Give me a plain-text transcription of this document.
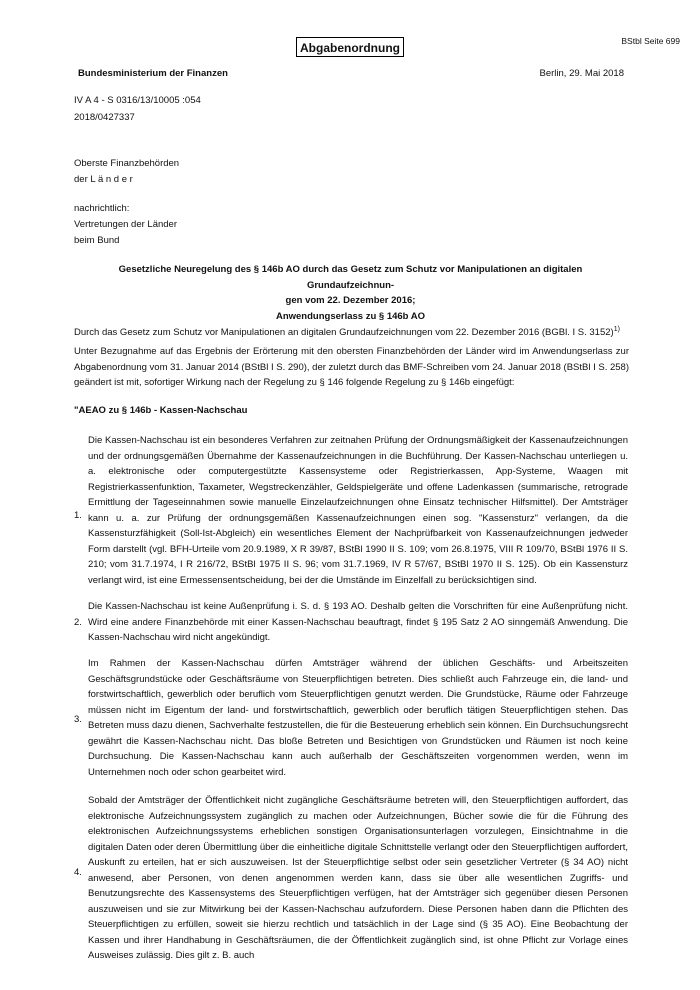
Abgabenordnung	BStbl Seite 699
Bundesministerium der Finanzen	Berlin, 29. Mai 2018
IV A 4 - S 0316/13/10005 :054
2018/0427337
Oberste Finanzbehörden
der L ä n d e r
nachrichtlich:
Vertretungen der Länder
beim Bund
Gesetzliche Neuregelung des § 146b AO durch das Gesetz zum Schutz vor Manipulationen an digitalen Grundaufzeichnun-
gen vom 22. Dezember 2016;
Anwendungserlass zu § 146b AO
Durch das Gesetz zum Schutz vor Manipulationen an digitalen Grundaufzeichnungen vom 22. Dezember 2016 (BGBl. I S. 3152)$^{1)}$
Unter Bezugnahme auf das Ergebnis der Erörterung mit den obersten Finanzbehörden der Länder wird im Anwendungserlass zur Abgabenordnung vom 31. Januar 2014 (BStBl I S. 290), der zuletzt durch das BMF-Schreiben vom 24. Januar 2018 (BStBl I S. 258) geändert ist mit, sofortiger Wirkung nach der Regelung zu § 146 folgende Regelung zu § 146b eingefügt:
"AEAO zu § 146b - Kassen-Nachschau
1.
Die Kassen-Nachschau ist ein besonderes Verfahren zur zeitnahen Prüfung der Ordnungsmäßigkeit der Kassenaufzeichnungen und der ordnungsgemäßen Übernahme der Kassenaufzeichnungen in die Buchführung. Der Kassen-Nachschau unterliegen u. a. elektronische oder computergestützte Kassensysteme oder Registrierkassen, App-Systeme, Waagen mit Registrierkassenfunktion, Taxameter, Wegstreckenzähler, Geldspielgeräte und offene Ladenkassen (summarische, retrograde Ermittlung der Tageseinnahmen sowie manuelle Einzelaufzeichnungen ohne Einsatz technischer Hilfsmittel). Der Amtsträger kann u. a. zur Prüfung der ordnungsgemäßen Kassenaufzeichnungen einen sog. "Kassensturz" verlangen, da die Kassensturzfähigkeit (Soll-Ist-Abgleich) ein wesentliches Element der Nachprüfbarkeit von Kassenaufzeichnungen jedweder Form darstellt (vgl. BFH-Urteile vom 20.9.1989, X R 39/87, BStBl 1990 II S. 109; vom 26.8.1975, VIII R 109/70, BStBl 1976 II S. 210; vom 31.7.1974, I R 216/72, BStBl 1975 II S. 96; vom 31.7.1969, IV R 57/67, BStBl 1970 II S. 125). Ob ein Kassensturz verlangt wird, ist eine Ermessensentscheidung, bei der die Umstände im Einzelfall zu berücksichtigen sind.
2.
Die Kassen-Nachschau ist keine Außenprüfung i. S. d. § 193 AO. Deshalb gelten die Vorschriften für eine Außenprüfung nicht. Wird eine andere Finanzbehörde mit einer Kassen-Nachschau beauftragt, findet § 195 Satz 2 AO sinngemäß Anwendung. Die Kassen-Nachschau wird nicht angekündigt.
3.
Im Rahmen der Kassen-Nachschau dürfen Amtsträger während der üblichen Geschäfts- und Arbeitszeiten Geschäftsgrundstücke oder Geschäftsräume von Steuerpflichtigen betreten. Dies schließt auch Fahrzeuge ein, die land- und forstwirtschaftlich, gewerblich oder beruflich vom Steuerpflichtigen genutzt werden. Die Grundstücke, Räume oder Fahrzeuge müssen nicht im Eigentum der land- und forstwirtschaftlich, gewerblich oder beruflich tätigen Steuerpflichtigen stehen. Das Betreten muss dazu dienen, Sachverhalte festzustellen, die für die Besteuerung erheblich sein können. Ein Durchsuchungsrecht gewährt die Kassen-Nachschau nicht. Das bloße Betreten und Besichtigen von Grundstücken und Räumen ist noch keine Durchsuchung. Die Kassen-Nachschau kann auch außerhalb der Geschäftszeiten vorgenommen werden, wenn im Unternehmen noch oder schon gearbeitet wird.
4.
Sobald der Amtsträger der Öffentlichkeit nicht zugängliche Geschäftsräume betreten will, den Steuerpflichtigen auffordert, das elektronische Aufzeichnungssystem zugänglich zu machen oder Aufzeichnungen, Bücher sowie die für die Führung des elektronischen Aufzeichnungssystems erheblichen sonstigen Organisationsunterlagen vorzulegen, Einsichtnahme in die digitalen Daten oder deren Übermittlung über die einheitliche digitale Schnittstelle verlangt oder den Steuerpflichtigen auffordert, Auskunft zu erteilen, hat er sich auszuweisen. Ist der Steuerpflichtige selbst oder sein gesetzlicher Vertreter (§ 34 AO) nicht anwesend, aber Personen, von denen angenommen werden kann, dass sie über alle wesentlichen Zugriffs- und Benutzungsrechte des Kassensystems des Steuerpflichtigen verfügen, hat der Amtsträger sich gegenüber diesen Personen auszuweisen und sie zur Mitwirkung bei der Kassen-Nachschau aufzufordern. Diese Personen haben dann die Pflichten des Steuerpflichtigen zu erfüllen, soweit sie hierzu rechtlich und tatsächlich in der Lage sind (§ 35 AO). Eine Beobachtung der Kassen und ihrer Handhabung in Geschäftsräumen, die der Öffentlichkeit zugänglich sind, ist ohne Pflicht zur Vorlage eines Ausweises zulässig. Dies gilt z. B. auch
